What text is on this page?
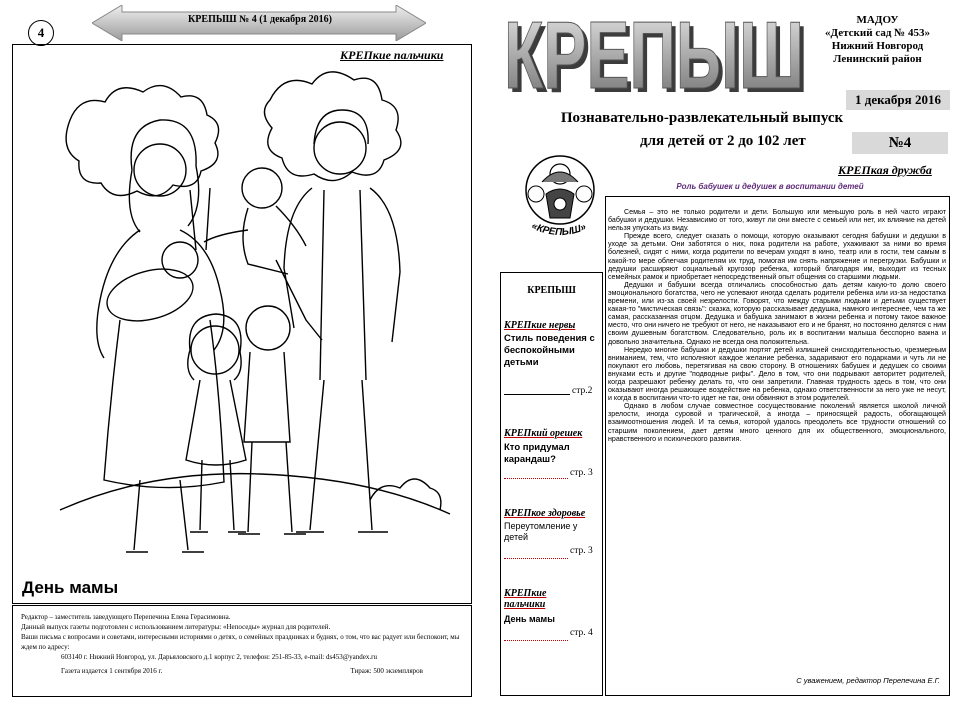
4
КРЕПЫШ № 4 (1 декабря 2016)
КРЕПкие пальчики
День мамы

Редактор – заместитель заведующего Перепечина Елена Герасимовна.

Данный выпуск газеты подготовлен с использованием литературы: «Непоседы» журнал для родителей.

Ваши письма с вопросами и советами, интересными историями о детях, о семейных праздниках и буднях, о том, что вас радует или беспокоит, мы ждем по адресу:

603140 г. Нижний Новгород, ул. Дарьяловского д.1 корпус 2, телефон: 251-85-33, e-mail: ds453@yandex.ru

Газета издается 1 сентября 2016 г.	Тираж: 500 экземпляров

КРЕПЫШ
КРЕПЫШ	МАДОУ
«Детский сад № 453»
Нижний Новгород
Ленинский район
1 декабря 2016
Познавательно-развлекательный выпуск
для детей от 2 до 102 лет	№4
«КРЕПЫШ»
КРЕПкая дружба
Роль бабушек и дедушек в воспитании детей

Семья – это не только родители и дети. Большую или меньшую роль в ней часто играют бабушки и дедушки. Независимо от того, живут ли они вместе с семьей или нет, их влияние на детей нельзя упускать из виду.

Прежде всего, следует сказать о помощи, которую оказывают сегодня бабушки и дедушки в уходе за детьми. Они заботятся о них, пока родители на работе, ухаживают за ними во время болезней, сидят с ними, когда родители по вечерам уходят в кино, театр или в гости, тем самым в какой-то мере облегчая родителям их труд, помогая им снять напряжение и перегрузки. Бабушки и дедушки расширяют социальный кругозор ребенка, который благодаря им, выходит из тесных семейных рамок и приобретает непосредственный опыт общения со старшими людьми.

Дедушки и бабушки всегда отличались способностью дать детям какую-то долю своего эмоционального богатства, чего не успевают иногда сделать родители ребенка или из-за недостатка времени, или из-за своей незрелости. Говорят, что между старыми людьми и детьми существует какая-то "мистическая связь": сказка, которую рассказывает дедушка, намного интереснее, чем та же самая, рассказанная отцом. Дедушка и бабушка занимают в жизни ребенка и потому такое важное место, что они ничего не требуют от него, не наказывают его и не бранят, но постоянно делятся с ним своим душевным богатством. Следовательно, роль их в воспитании малыша бесспорно важна и довольно значительна. Однако не всегда она положительна.

Нередко многие бабушки и дедушки портят детей излишней снисходительностью, чрезмерным вниманием, тем, что исполняют каждое желание ребенка, задаривают его подарками и чуть ли не покупают его любовь, перетягивая на свою сторону. В отношениях бабушек и дедушек со своими внуками есть и другие "подводные рифы". Дело в том, что они подрывают авторитет родителей, когда разрешают ребенку делать то, что они запретили. Главная трудность здесь в том, что они оказывают иногда решающее воздействие на ребенка, однако ответственности за него уже не несут, и когда в воспитании что-то идет не так, они обвиняют в этом родителей.

Однако в любом случае совместное сосуществование поколений является школой личной зрелости, иногда суровой и трагической, а иногда – приносящей радость, обогащающей взаимоотношения людей. И та семья, которой удалось преодолеть все трудности отношений со старшим поколением, дает детям много ценного для их общественного, эмоционального, нравственного и психического развития.

С уважением, редактор Перепечина Е.Г.
КРЕПЫШ
КРЕПкие нервы
Стиль поведения с беспокойными детьми
стр.2
КРЕПкий орешек
Кто придумал карандаш?
стр. 3
КРЕПкое здоровье
Переутомление у детей
стр. 3
КРЕПкие пальчики
День мамы
стр. 4
